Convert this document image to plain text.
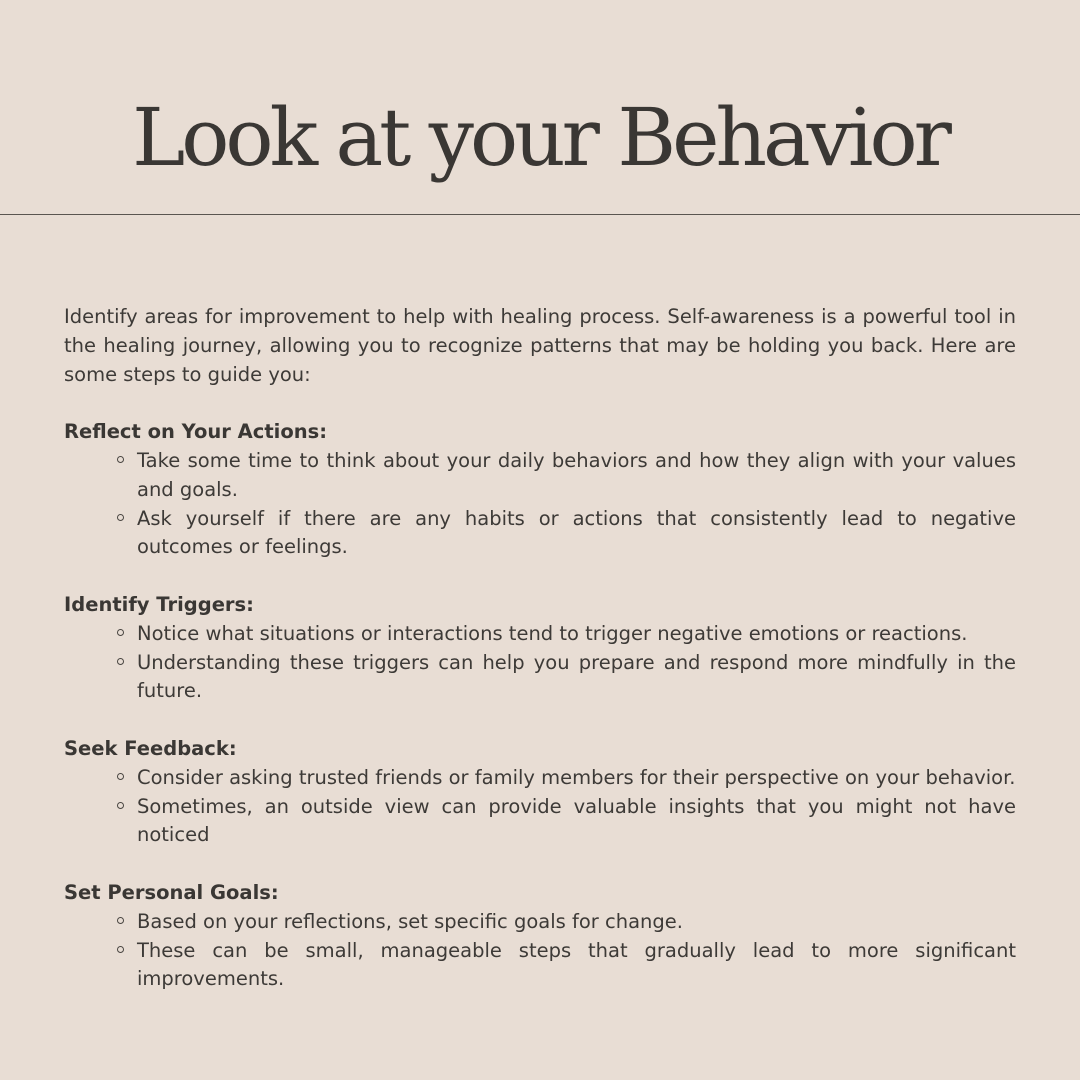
Look at your Behavior

Identify areas for improvement to help with healing process. Self-awareness is a powerful tool in the healing journey, allowing you to recognize patterns that may be holding you back. Here are some steps to guide you:

Reflect on Your Actions:

Take some time to think about your daily behaviors and how they align with your values and goals.
Ask yourself if there are any habits or actions that consistently lead to negative outcomes or feelings.

Identify Triggers:

Notice what situations or interactions tend to trigger negative emotions or reactions.
Understanding these triggers can help you prepare and respond more mindfully in the future.

Seek Feedback:

Consider asking trusted friends or family members for their perspective on your behavior.
Sometimes, an outside view can provide valuable insights that you might not have noticed

Set Personal Goals:

Based on your reflections, set specific goals for change.
These can be small, manageable steps that gradually lead to more significant improvements.
